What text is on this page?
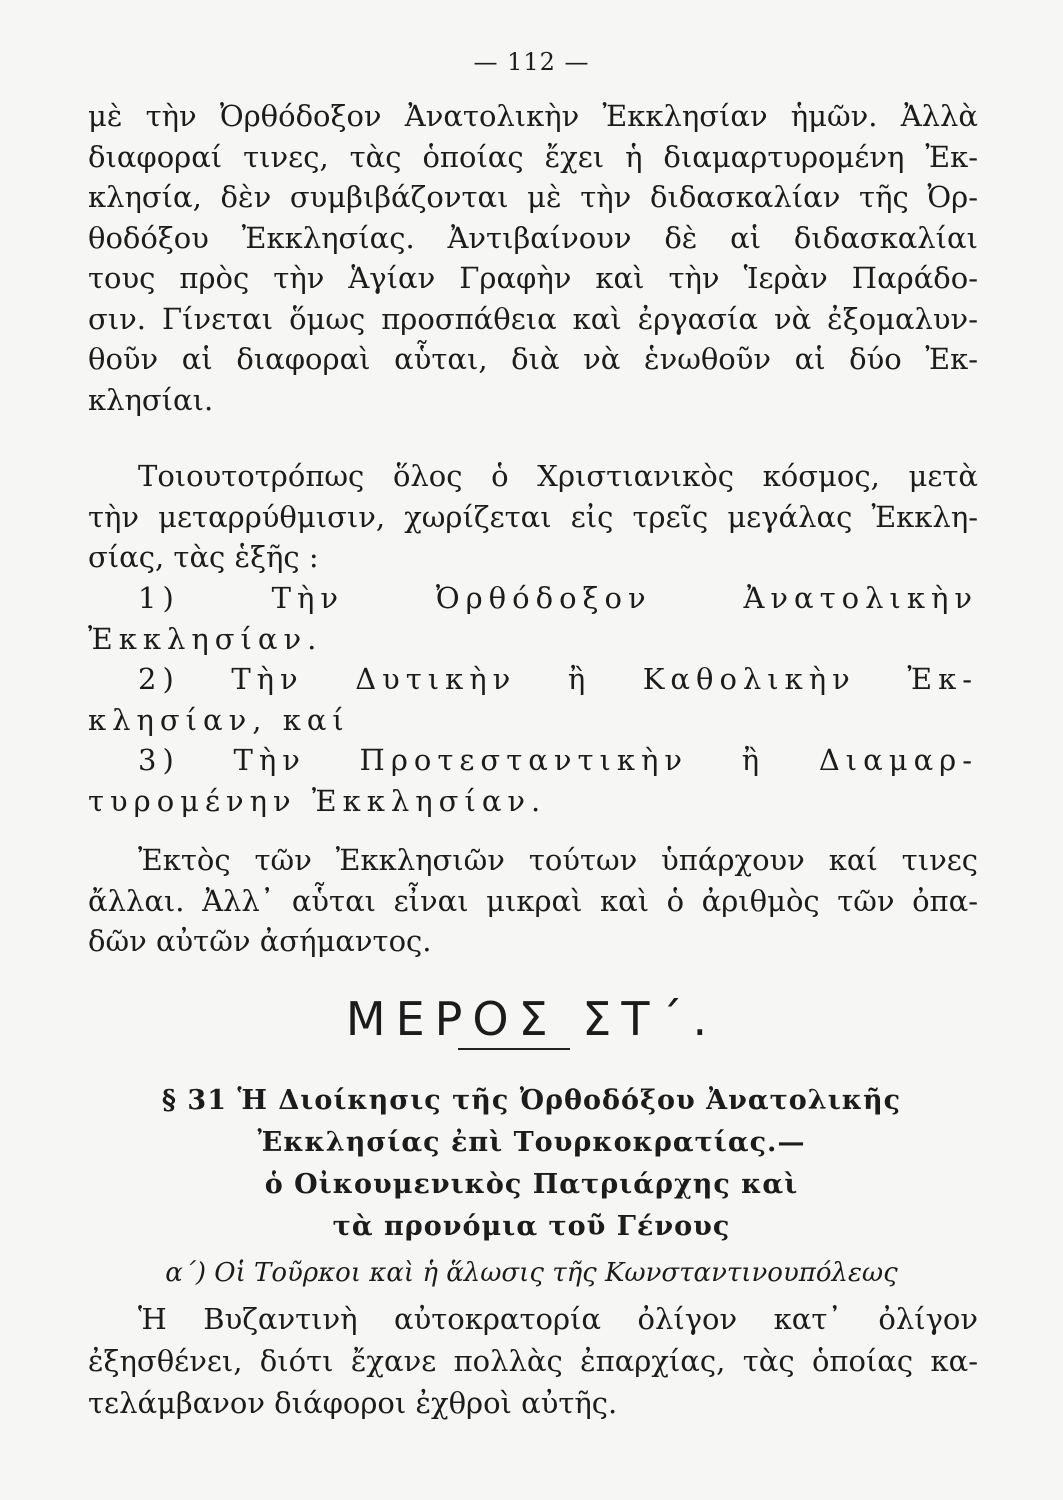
— 112 —
μὲ τὴν Ὀρθόδοξον Ἀνατολικὴν Ἐκκλησίαν ἡμῶν. Ἀλλὰ
διαφοραί τινες, τὰς ὁποίας ἔχει ἡ διαμαρτυρομένη Ἐκ-
κλησία, δὲν συμβιβάζονται μὲ τὴν διδασκαλίαν τῆς Ὀρ-
θοδόξου Ἐκκλησίας. Ἀντιβαίνουν δὲ αἱ διδασκαλίαι
τους πρὸς τὴν Ἁγίαν Γραφὴν καὶ τὴν Ἱερὰν Παράδο-
σιν. Γίνεται ὅμως προσπάθεια καὶ ἐργασία νὰ ἐξομαλυν-
θοῦν αἱ διαφοραὶ αὗται, διὰ νὰ ἑνωθοῦν αἱ δύο Ἐκ-
κλησίαι.
Τοιουτοτρόπως ὅλος ὁ Χριστιανικὸς κόσμος, μετὰ
τὴν μεταρρύθμισιν, χωρίζεται εἰς τρεῖς μεγάλας Ἐκκλη-
σίας, τὰς ἑξῆς :
1)	Τὴν Ὀρθόδοξον Ἀνατολικὴν
Ἐκκλησίαν.
2) Τὴν Δυτικὴν ἢ Καθολικὴν Ἐκ-
κλησίαν, καί
3) Τὴν Προτεσταντικὴν ἢ Διαμαρ-
τυρομένην Ἐκκλησίαν.
Ἐκτὸς τῶν Ἐκκλησιῶν τούτων ὑπάρχουν καί τινες
ἄλλαι. Ἀλλ᾽ αὗται εἶναι μικραὶ καὶ ὁ ἀριθμὸς τῶν ὀπα-
δῶν αὐτῶν ἀσήμαντος.
ΜΕΡΟΣ ΣΤ΄.
§ 31 Ἡ Διοίκησις τῆς Ὀρθοδόξου Ἀνατολικῆς
Ἐκκλησίας ἐπὶ Τουρκοκρατίας.—
ὁ Οἰκουμενικὸς Πατριάρχης καὶ
τὰ προνόμια τοῦ Γένους
α΄) Οἱ Τοῦρκοι καὶ ἡ ἅλωσις τῆς Κωνσταντινουπόλεως
Ἡ Βυζαντινὴ αὐτοκρατορία ὀλίγον κατ᾽ ὀλίγον
ἐξησθένει, διότι ἔχανε πολλὰς ἐπαρχίας, τὰς ὁποίας κα-
τελάμβανον διάφοροι ἐχθροὶ αὐτῆς.
